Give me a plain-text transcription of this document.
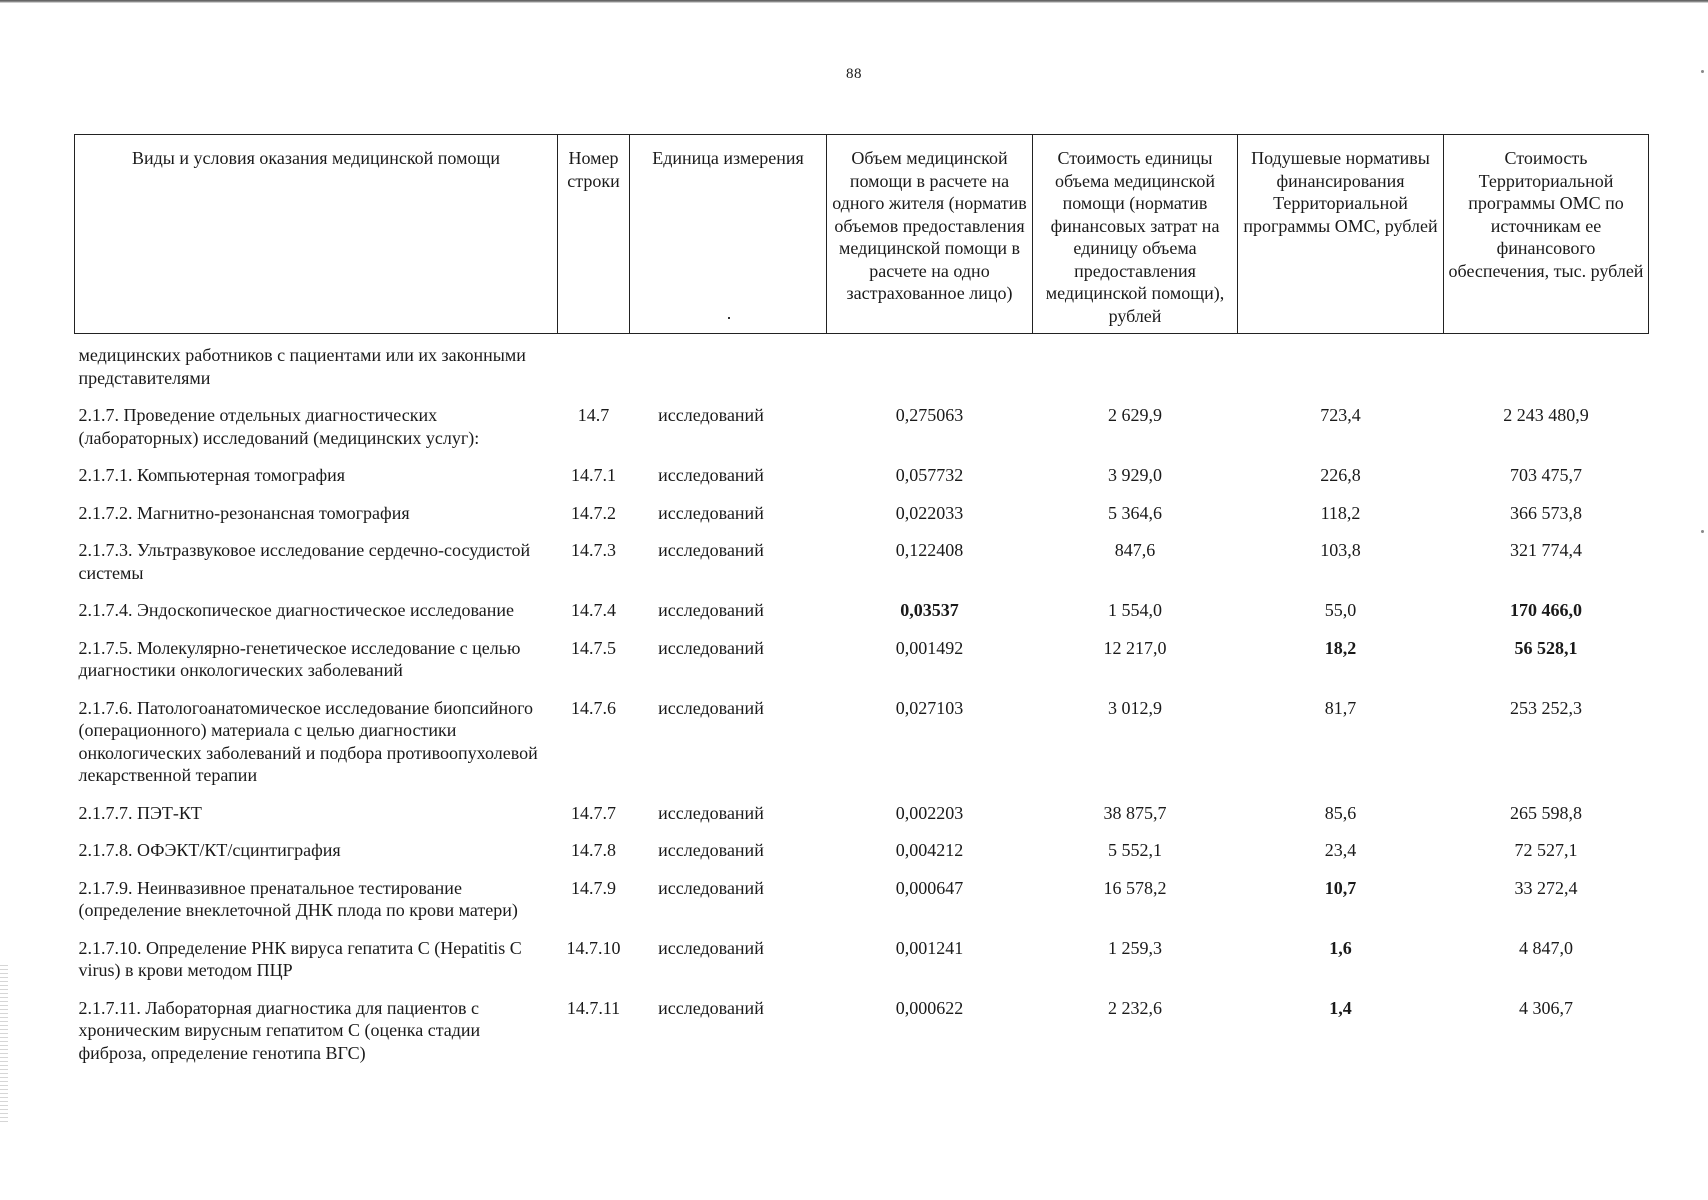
88
Виды и условия оказания медицинской помощи	Номер строки	Единица измерения	Объем медицинской помощи в расчете на одного жителя (норматив объемов предоставления медицинской помощи в расчете на одно застрахованное лицо)	Стоимость единицы объема медицинской помощи (норматив финансовых затрат на единицу объема предоставления медицинской помощи), рублей	Подушевые нормативы финансирования Территориальной программы ОМС, рублей	Стоимость Территориальной программы ОМС по источникам ее финансового обеспечения, тыс. рублей
медицинских работников с пациентами или их законными представителями						
2.1.7. Проведение отдельных диагностических (лабораторных) исследований (медицинских услуг):	14.7	исследований	0,275063	2 629,9	723,4	2 243 480,9
2.1.7.1. Компьютерная томография	14.7.1	исследований	0,057732	3 929,0	226,8	703 475,7
2.1.7.2. Магнитно-резонансная томография	14.7.2	исследований	0,022033	5 364,6	118,2	366 573,8
2.1.7.3. Ультразвуковое исследование сердечно-сосудистой системы	14.7.3	исследований	0,122408	847,6	103,8	321 774,4
2.1.7.4. Эндоскопическое диагностическое исследование	14.7.4	исследований	0,03537	1 554,0	55,0	170 466,0
2.1.7.5. Молекулярно-генетическое исследование с целью диагностики онкологических заболеваний	14.7.5	исследований	0,001492	12 217,0	18,2	56 528,1
2.1.7.6. Патологоанатомическое исследование биопсийного (операционного) материала с целью диагностики онкологических заболеваний и подбора противоопухолевой лекарственной терапии	14.7.6	исследований	0,027103	3 012,9	81,7	253 252,3
2.1.7.7. ПЭТ-КТ	14.7.7	исследований	0,002203	38 875,7	85,6	265 598,8
2.1.7.8. ОФЭКТ/КТ/сцинтиграфия	14.7.8	исследований	0,004212	5 552,1	23,4	72 527,1
2.1.7.9. Неинвазивное пренатальное тестирование (определение внеклеточной ДНК плода по крови матери)	14.7.9	исследований	0,000647	16 578,2	10,7	33 272,4
2.1.7.10. Определение РНК вируса гепатита С (Hepatitis C virus) в крови методом ПЦР	14.7.10	исследований	0,001241	1 259,3	1,6	4 847,0
2.1.7.11. Лабораторная диагностика для пациентов с хроническим вирусным гепатитом С (оценка стадии фиброза, определение генотипа ВГС)	14.7.11	исследований	0,000622	2 232,6	1,4	4 306,7
